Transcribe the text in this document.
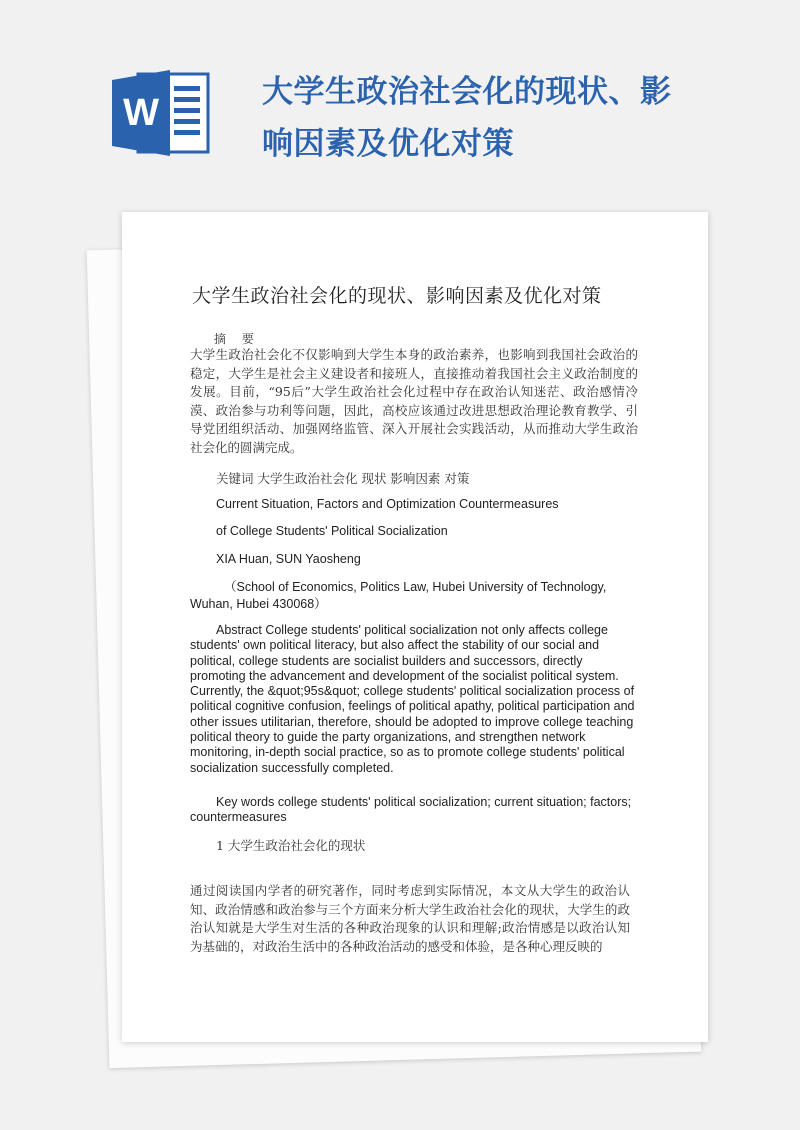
W	大学生政治社会化的现状、影响因素及优化对策
大学生政治社会化的现状、影响因素及优化对策
摘 要
大学生政治社会化不仅影响到大学生本身的政治素养，也影响到我国社会政治的稳定，大学生是社会主义建设者和接班人，直接推动着我国社会主义政治制度的发展。目前，“95后”大学生政治社会化过程中存在政治认知迷茫、政治感情冷漠、政治参与功利等问题，因此，高校应该通过改进思想政治理论教育教学、引导党团组织活动、加强网络监管、深入开展社会实践活动，从而推动大学生政治社会化的圆满完成。
关键词 大学生政治社会化 现状 影响因素 对策
Current Situation, Factors and Optimization Countermeasures
of College Students' Political Socialization
XIA Huan, SUN Yaosheng
（School of Economics, Politics Law, Hubei University of Technology, Wuhan, Hubei 430068）
Abstract College students' political socialization not only affects college students' own political literacy, but also affect the stability of our social and political, college students are socialist builders and successors, directly promoting the advancement and development of the socialist political system. Currently, the &quot;95s&quot; college students' political socialization process of political cognitive confusion, feelings of political apathy, political participation and other issues utilitarian, therefore, should be adopted to improve college teaching political theory to guide the party organizations, and strengthen network monitoring, in-depth social practice, so as to promote college students' political socialization successfully completed.
Key words college students' political socialization; current situation; factors; countermeasures
1 大学生政治社会化的现状
通过阅读国内学者的研究著作，同时考虑到实际情况，本文从大学生的政治认知、政治情感和政治参与三个方面来分析大学生政治社会化的现状，大学生的政治认知就是大学生对生活的各种政治现象的认识和理解;政治情感是以政治认知为基础的，对政治生活中的各种政治活动的感受和体验，是各种心理反映的
